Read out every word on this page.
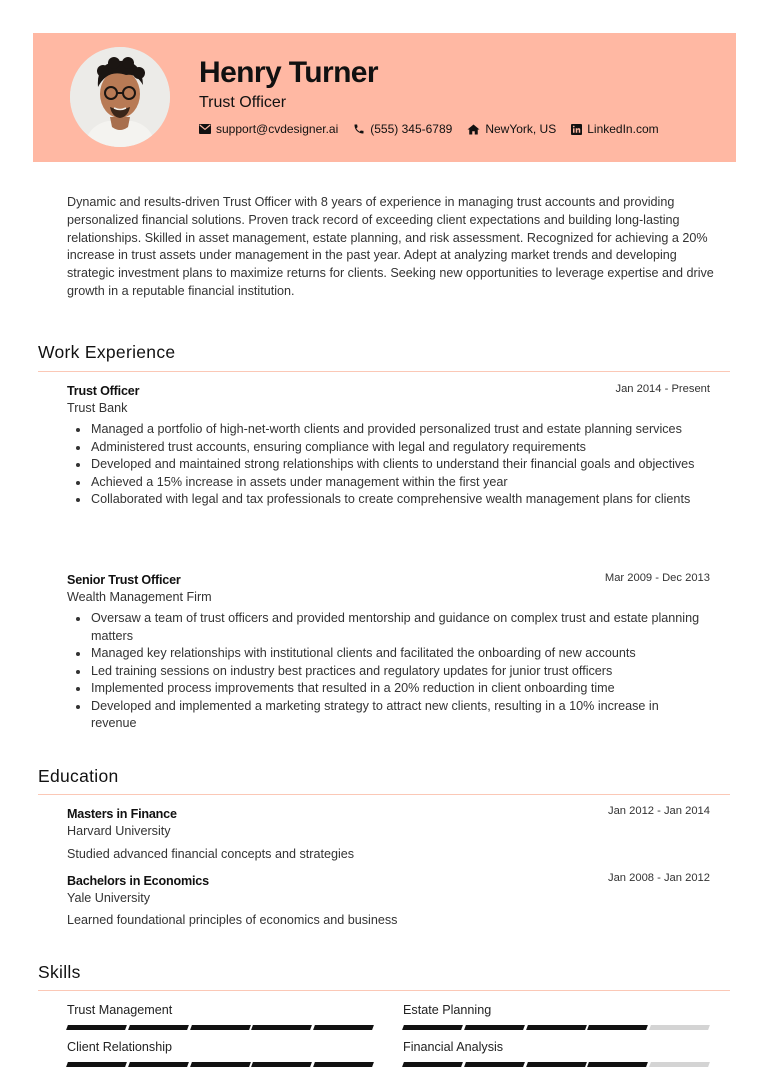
Henry Turner
Trust Officer
support@cvdesigner.ai	(555) 345-6789	NewYork, US	LinkedIn.com
Dynamic and results-driven Trust Officer with 8 years of experience in managing trust accounts and providing personalized financial solutions. Proven track record of exceeding client expectations and building long-lasting relationships. Skilled in asset management, estate planning, and risk assessment. Recognized for achieving a 20% increase in trust assets under management in the past year. Adept at analyzing market trends and developing strategic investment plans to maximize returns for clients. Seeking new opportunities to leverage expertise and drive growth in a reputable financial institution.
Work Experience
Trust Officer	Jan 2014 - Present
Trust Bank
Managed a portfolio of high-net-worth clients and provided personalized trust and estate planning services
Administered trust accounts, ensuring compliance with legal and regulatory requirements
Developed and maintained strong relationships with clients to understand their financial goals and objectives
Achieved a 15% increase in assets under management within the first year
Collaborated with legal and tax professionals to create comprehensive wealth management plans for clients
Senior Trust Officer	Mar 2009 - Dec 2013
Wealth Management Firm
Oversaw a team of trust officers and provided mentorship and guidance on complex trust and estate planning matters
Managed key relationships with institutional clients and facilitated the onboarding of new accounts
Led training sessions on industry best practices and regulatory updates for junior trust officers
Implemented process improvements that resulted in a 20% reduction in client onboarding time
Developed and implemented a marketing strategy to attract new clients, resulting in a 10% increase in revenue
Education
Masters in Finance	Jan 2012 - Jan 2014
Harvard University
Studied advanced financial concepts and strategies
Bachelors in Economics	Jan 2008 - Jan 2012
Yale University
Learned foundational principles of economics and business
Skills
Trust Management	Estate Planning
Client Relationship	Financial Analysis
